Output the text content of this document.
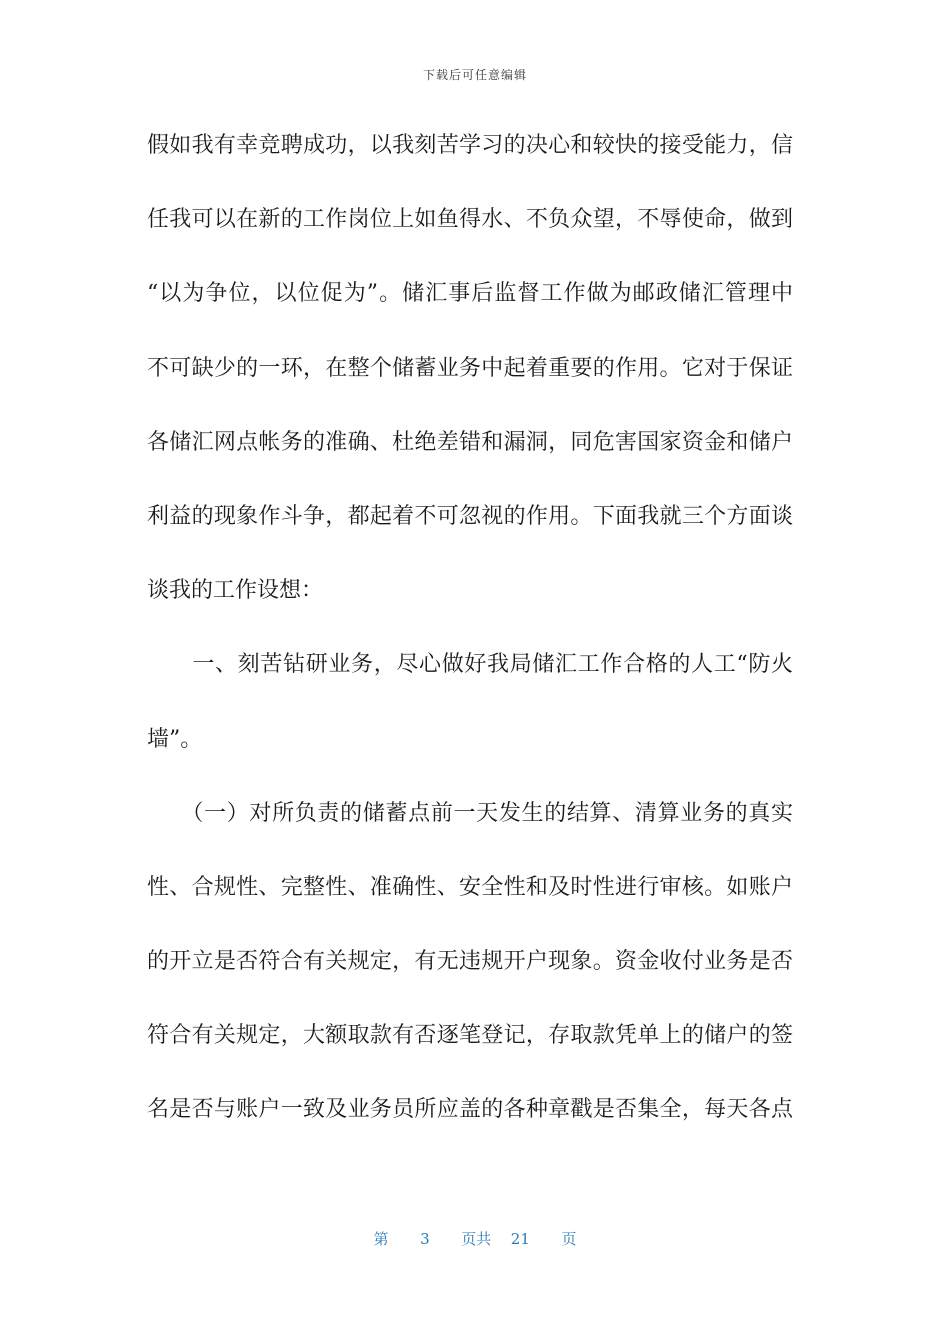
下载后可任意编辑
假如我有幸竞聘成功，以我刻苦学习的决心和较快的接受能力，信
任我可以在新的工作岗位上如鱼得水、不负众望，不辱使命，做到
“以为争位，以位促为”。储汇事后监督工作做为邮政储汇管理中
不可缺少的一环，在整个储蓄业务中起着重要的作用。它对于保证
各储汇网点帐务的准确、杜绝差错和漏洞，同危害国家资金和储户
利益的现象作斗争，都起着不可忽视的作用。下面我就三个方面谈
谈我的工作设想：
　　一、刻苦钻研业务，尽心做好我局储汇工作合格的人工“防火
墙”。
　　（一）对所负责的储蓄点前一天发生的结算、清算业务的真实
性、合规性、完整性、准确性、安全性和及时性进行审核。如账户
的开立是否符合有关规定，有无违规开户现象。资金收付业务是否
符合有关规定，大额取款有否逐笔登记，存取款凭单上的储户的签
名是否与账户一致及业务员所应盖的各种章戳是否集全，每天各点
第 3 页共 21 页
